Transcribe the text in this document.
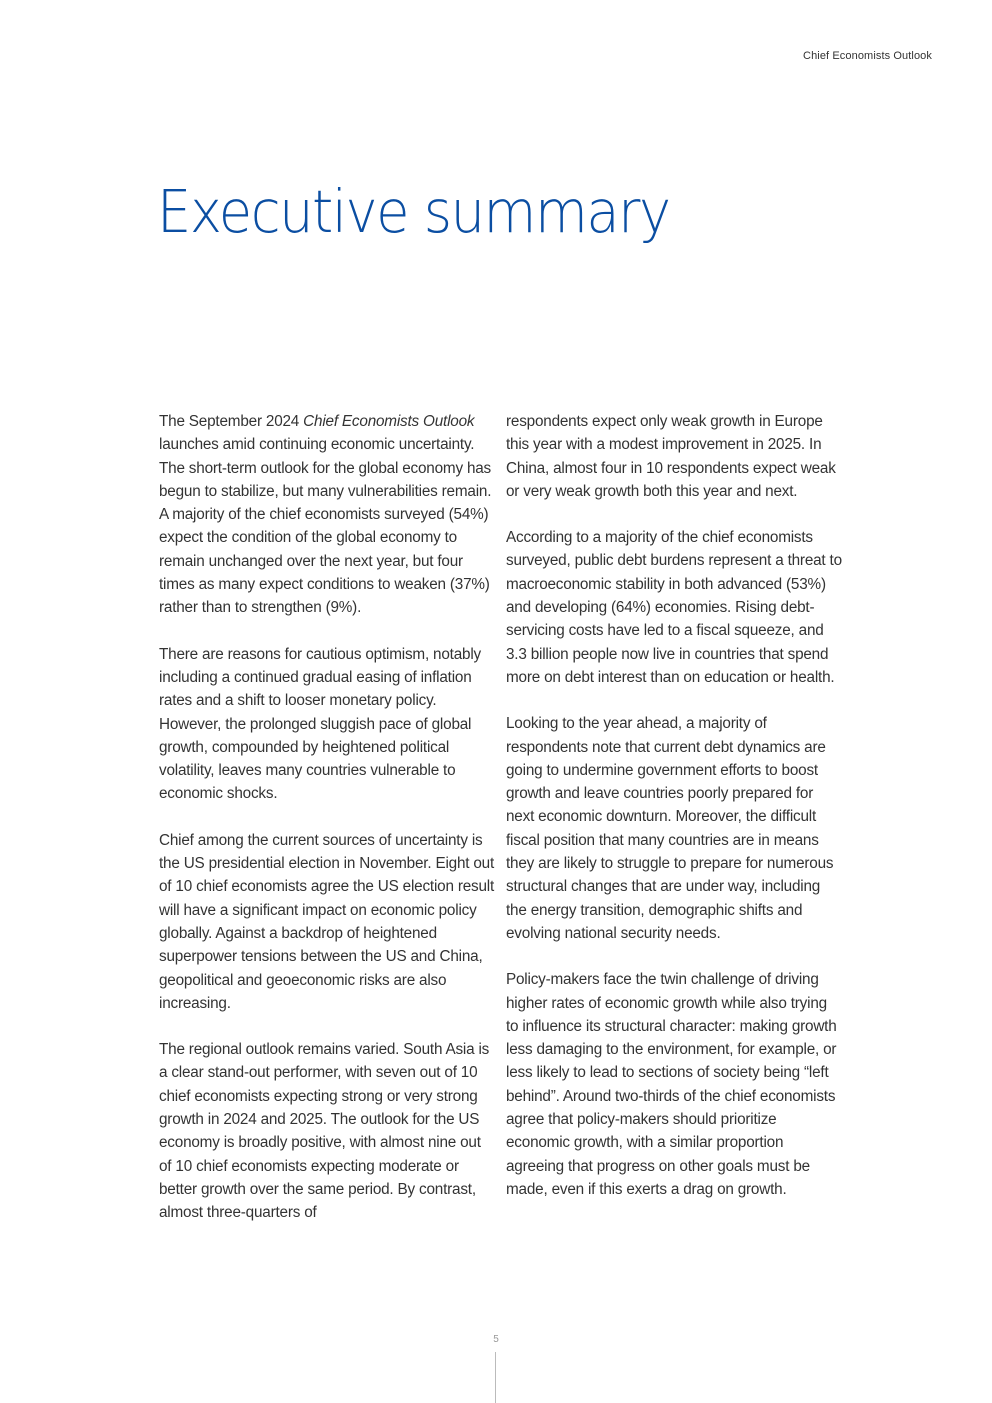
Chief Economists Outlook
Executive summary

The September 2024 Chief Economists Outlook launches amid continuing economic uncertainty. The short-term outlook for the global economy has begun to stabilize, but many vulnerabilities remain. A majority of the chief economists surveyed (54%) expect the condition of the global economy to remain unchanged over the next year, but four times as many expect conditions to weaken (37%) rather than to strengthen (9%).

There are reasons for cautious optimism, notably including a continued gradual easing of inflation rates and a shift to looser monetary policy. However, the prolonged sluggish pace of global growth, compounded by heightened political volatility, leaves many countries vulnerable to economic shocks.

Chief among the current sources of uncertainty is the US presidential election in November. Eight out of 10 chief economists agree the US election result will have a significant impact on economic policy globally. Against a backdrop of heightened superpower tensions between the US and China, geopolitical and geoeconomic risks are also increasing.

The regional outlook remains varied. South Asia is a clear stand-out performer, with seven out of 10 chief economists expecting strong or very strong growth in 2024 and 2025. The outlook for the US economy is broadly positive, with almost nine out of 10 chief economists expecting moderate or better growth over the same period. By contrast, almost three-quarters of

respondents expect only weak growth in Europe this year with a modest improvement in 2025. In China, almost four in 10 respondents expect weak or very weak growth both this year and next.

According to a majority of the chief economists surveyed, public debt burdens represent a threat to macroeconomic stability in both advanced (53%) and developing (64%) economies. Rising debt-servicing costs have led to a fiscal squeeze, and 3.3 billion people now live in countries that spend more on debt interest than on education or health.

Looking to the year ahead, a majority of respondents note that current debt dynamics are going to undermine government efforts to boost growth and leave countries poorly prepared for next economic downturn. Moreover, the difficult fiscal position that many countries are in means they are likely to struggle to prepare for numerous structural changes that are under way, including the energy transition, demographic shifts and evolving national security needs.

Policy-makers face the twin challenge of driving higher rates of economic growth while also trying to influence its structural character: making growth less damaging to the environment, for example, or less likely to lead to sections of society being “left behind”. Around two-thirds of the chief economists agree that policy-makers should prioritize economic growth, with a similar proportion agreeing that progress on other goals must be made, even if this exerts a drag on growth.

5
